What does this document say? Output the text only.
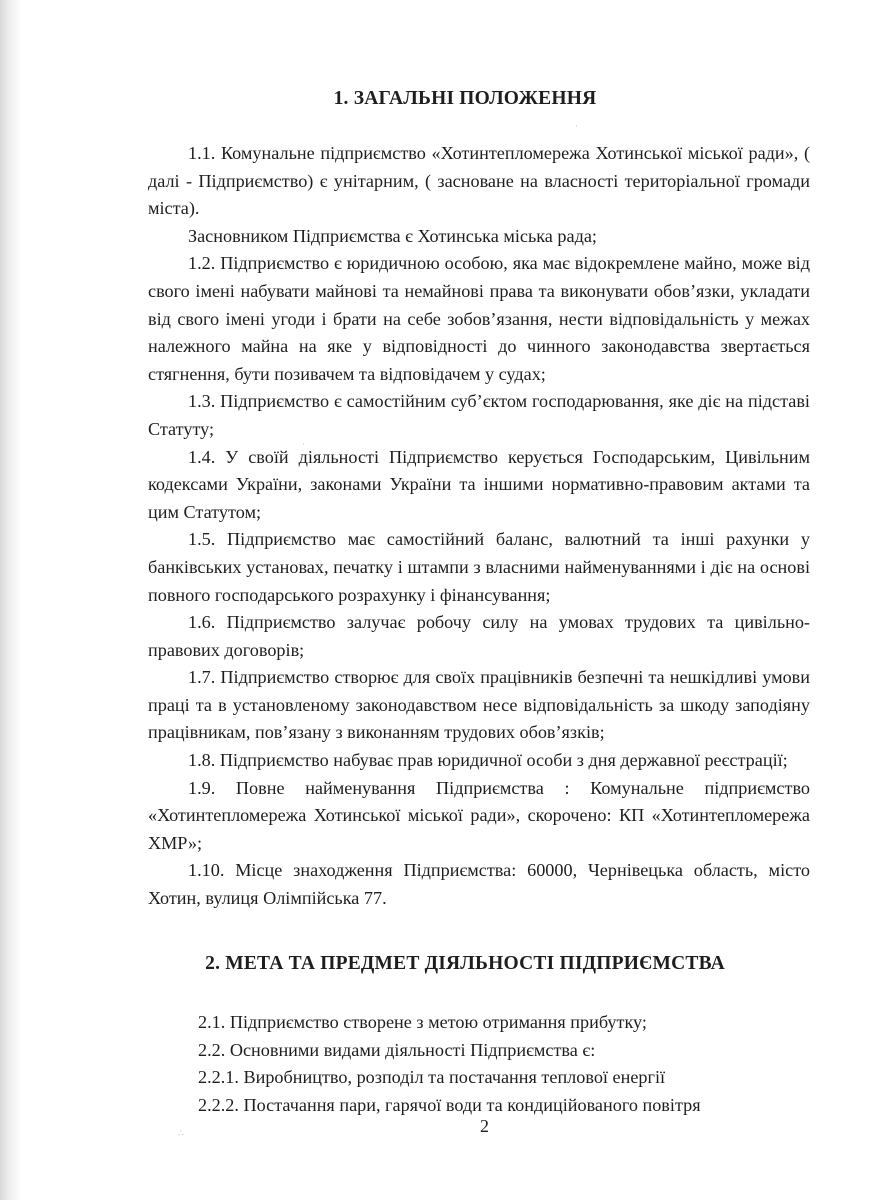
1. ЗАГАЛЬНІ ПОЛОЖЕННЯ

1.1. Комунальне підприємство «Хотинтепломережа Хотинської міської ради», ( далі - Підприємство) є унітарним, ( засноване на власності територіальної громади міста).

Засновником Підприємства є Хотинська міська рада;

1.2. Підприємство є юридичною особою, яка має відокремлене майно, може від свого імені набувати майнові та немайнові права та виконувати обов’язки, укладати від свого імені угоди і брати на себе зобов’язання, нести відповідальність у межах належного майна на яке у відповідності до чинного законодавства звертається стягнення, бути позивачем та відповідачем у судах;

1.3. Підприємство є самостійним суб’єктом господарювання, яке діє на підставі Статуту;

1.4. У своїй діяльності Підприємство керується Господарським, Цивільним кодексами України, законами України та іншими нормативно-правовим актами та цим Статутом;

1.5. Підприємство має самостійний баланс, валютний та інші рахунки у банківських установах, печатку і штампи з власними найменуваннями і діє на основі повного господарського розрахунку і фінансування;

1.6. Підприємство залучає робочу силу на умовах трудових та цивільно-правових договорів;

1.7. Підприємство створює для своїх працівників безпечні та нешкідливі умови праці та в установленому законодавством несе відповідальність за шкоду заподіяну працівникам, пов’язану з виконанням трудових обов’язків;

1.8. Підприємство набуває прав юридичної особи з дня державної реєстрації;

1.9. Повне найменування Підприємства : Комунальне підприємство «Хотинтепломережа Хотинської міської ради», скорочено: КП «Хотинтепломережа ХМР»;

1.10. Місце знаходження Підприємства: 60000, Чернівецька область, місто Хотин, вулиця Олімпійська 77.

2. МЕТА ТА ПРЕДМЕТ ДІЯЛЬНОСТІ ПІДПРИЄМСТВА

2.1. Підприємство створене з метою отримання прибутку;

2.2. Основними видами діяльності Підприємства є:

2.2.1. Виробництво, розподіл та постачання теплової енергії

2.2.2. Постачання пари, гарячої води та кондиційованого повітря

2
·
∴
·
